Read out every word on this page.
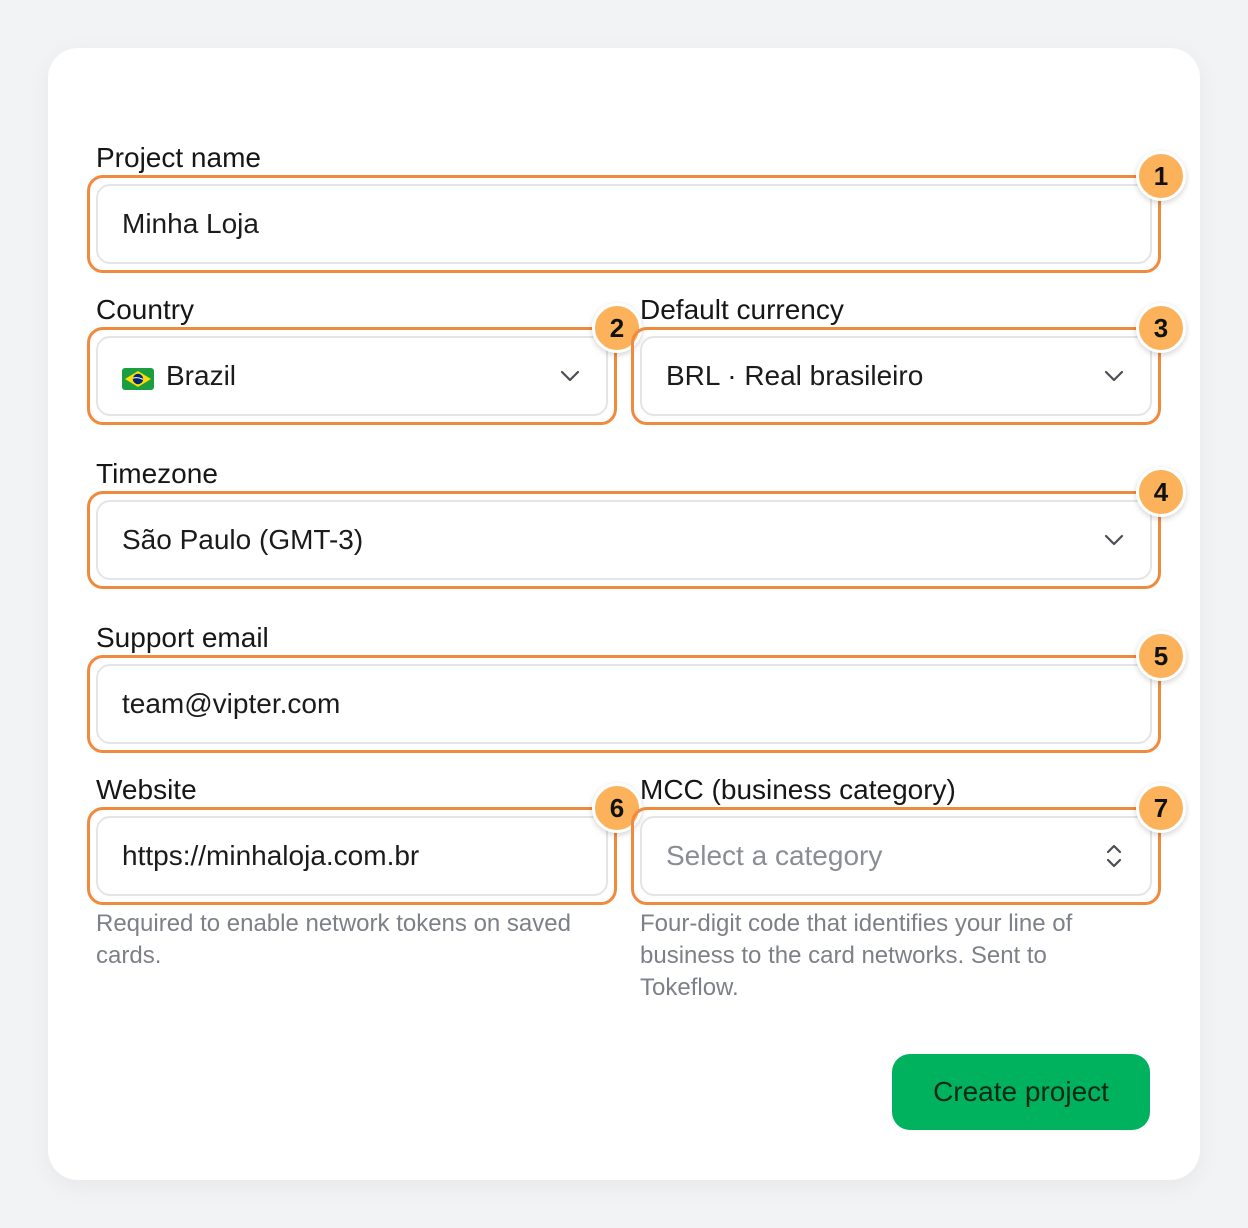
Project name
Minha Loja
1
Country
Brazil
2
Default currency
BRL · Real brasileiro
3
Timezone
São Paulo (GMT-3)
4
Support email
team@vipter.com
5
Website
https://minhaloja.com.br
6
Required to enable network tokens on saved cards.
MCC (business category)
Select a category
7
Four-digit code that identifies your line of business to the card networks. Sent to Tokeflow.
Create project
